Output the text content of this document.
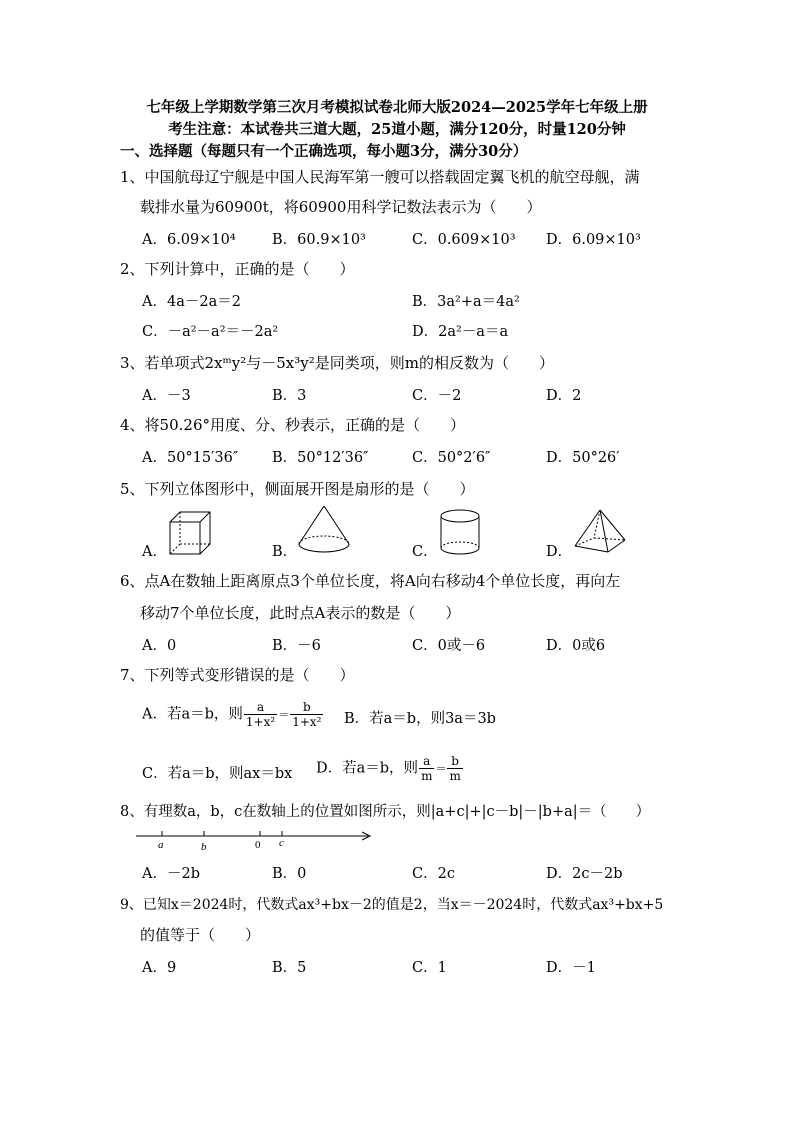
七年级上学期数学第三次月考模拟试卷北师大版2024—2025学年七年级上册
考生注意：本试卷共三道大题，25道小题，满分120分，时量120分钟
一、选择题（每题只有一个正确选项，每小题3分，满分30分）
1、中国航母辽宁舰是中国人民海军第一艘可以搭载固定翼飞机的航空母舰，满
载排水量为60900t，将60900用科学记数法表示为（　　）
A．6.09×10⁴	B．60.9×10³	C．0.609×10³ D．6.09×10³
2、下列计算中，正确的是（　　）
A．4a－2a＝2	B．3a²+a＝4a²
C．－a²－a²＝－2a²	D．2a²－a＝a
3、若单项式2xᵐy²与－5x³y²是同类项，则m的相反数为（　　）
A．－3	B．3	C．－2	D．2
4、将50.26°用度、分、秒表示，正确的是（　　）
A．50°15′36″ B．50°12′36″	C．50°2′6″	D．50°26′
5、下列立体图形中，侧面展开图是扇形的是（　　）
A．	B．	C．	D．
6、点A在数轴上距离原点3个单位长度，将A向右移动4个单位长度，再向左
移动7个单位长度，此时点A表示的数是（　　）
A．0	B．－6	C．0或－6	D．0或6
7、下列等式变形错误的是（　　）
A．若a＝b，则 $\frac{a}{\text{1+x²}} = \frac{b}{\text{1+x²}}$ B．若a＝b，则3a＝3b
C．若a＝b，则ax＝bx D．若a＝b，则 $\frac{a}{m} = \frac{b}{m}$
8、有理数a，b，c在数轴上的位置如图所示，则|a+c|+|c－b|－|b+a|＝（　　）
a	b	0 c
A．－2b	B．0	C．2c	D．2c－2b
9、已知x＝2024时，代数式ax³+bx－2的值是2，当x＝－2024时，代数式ax³+bx+5
的值等于（　　）
A．9	B．5	C．1	D．－1
